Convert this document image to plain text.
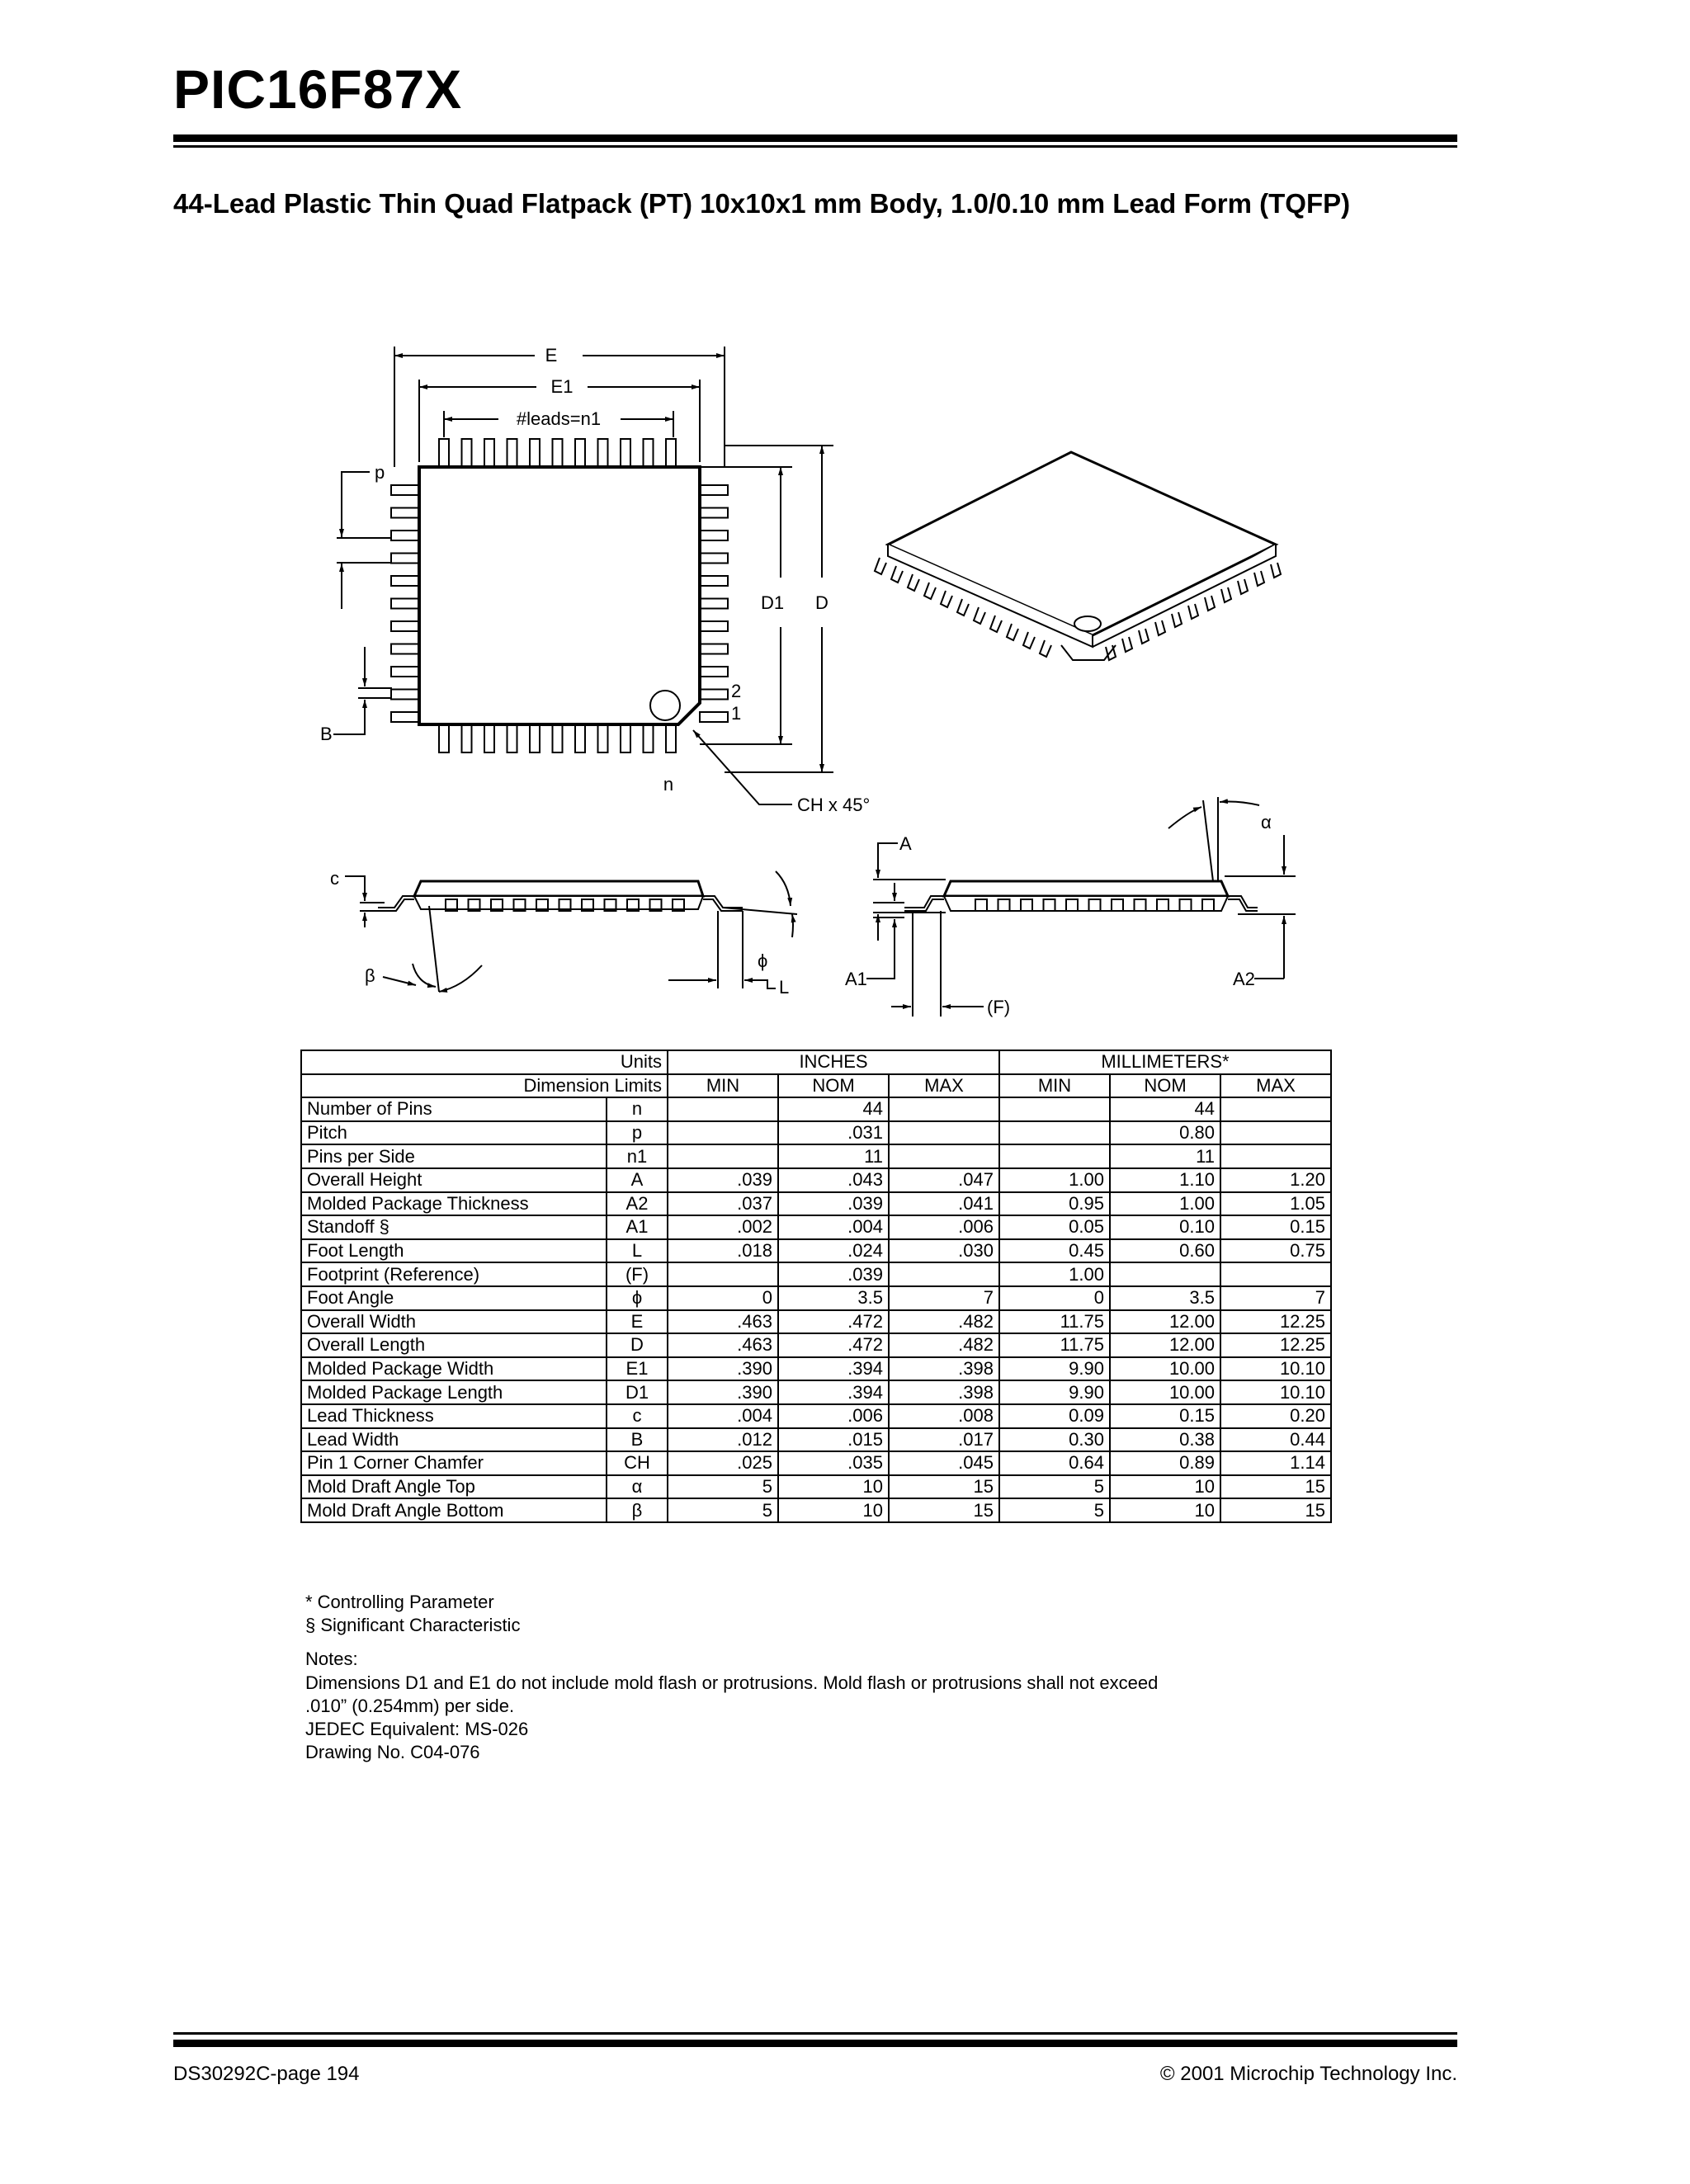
PIC16F87X
44-Lead Plastic Thin Quad Flatpack (PT) 10x10x1 mm Body, 1.0/0.10 mm Lead Form (TQFP)
E
E1
#leads=n1
p
B
D1 D
2
1
n
CH x 45°
c
β
ϕ
L
A
α
A1	A2
(F)
Units		INCHES			MILLIMETERS*		
Dimension Limits		MIN	NOM	MAX	MIN	NOM	MAX
Number of Pins	n		44			44	
Pitch	p		.031			0.80	
Pins per Side	n1		11			11	
Overall Height	A	.039	.043	.047	1.00	1.10	1.20
Molded Package Thickness	A2	.037	.039	.041	0.95	1.00	1.05
Standoff §	A1	.002	.004	.006	0.05	0.10	0.15
Foot Length	L	.018	.024	.030	0.45	0.60	0.75
Footprint (Reference)	(F)		.039		1.00		
Foot Angle	ϕ	0	3.5	7	0	3.5	7
Overall Width	E	.463	.472	.482	11.75	12.00	12.25
Overall Length	D	.463	.472	.482	11.75	12.00	12.25
Molded Package Width	E1	.390	.394	.398	9.90	10.00	10.10
Molded Package Length	D1	.390	.394	.398	9.90	10.00	10.10
Lead Thickness	c	.004	.006	.008	0.09	0.15	0.20
Lead Width	B	.012	.015	.017	0.30	0.38	0.44
Pin 1 Corner Chamfer	CH	.025	.035	.045	0.64	0.89	1.14
Mold Draft Angle Top	α	5	10	15	5	10	15
Mold Draft Angle Bottom	β	5	10	15	5	10	15
* Controlling Parameter
§ Significant Characteristic
Notes:
Dimensions D1 and E1 do not include mold flash or protrusions. Mold flash or protrusions shall not exceed
.010” (0.254mm) per side.
JEDEC Equivalent: MS-026
Drawing No. C04-076
DS30292C-page 194	© 2001 Microchip Technology Inc.
